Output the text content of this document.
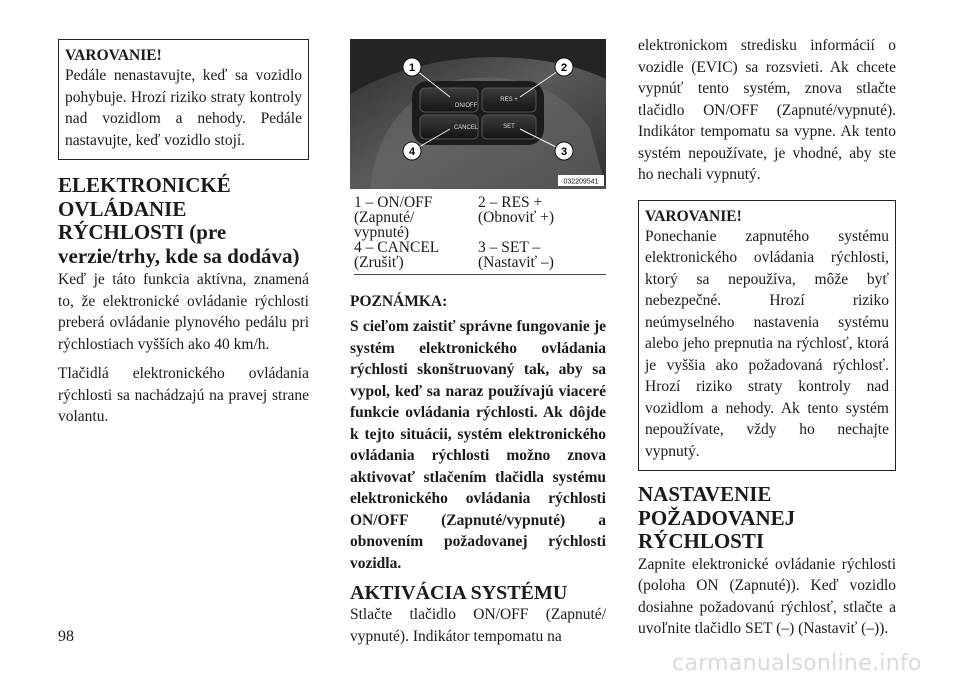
VAROVANIE!

Pedále nenastavujte, keď sa vozidlo pohybuje. Hrozí riziko straty kontroly nad vozidlom a nehody. Pedále nastavujte, keď vozidlo stojí.

ELEKTRONICKÉ
OVLÁDANIE
RÝCHLOSTI (pre
verzie/trhy, kde sa dodáva)

Keď je táto funkcia aktívna, znamená to, že elektronické ovládanie rýchlosti preberá ovládanie plynového pedálu pri rýchlostiach vyšších ako 40 km/h.

Tlačidlá elektronického ovládania rýchlosti sa nachádzajú na pravej strane volantu.

ON/OFF
RES +
CANCEL	SET
1	2
3
4
032209541
1 – ON/OFF
(Zapnuté/
vypnuté)
2 – RES +
(Obnoviť +)
4 – CANCEL
(Zrušiť)
3 – SET –
(Nastaviť –)
POZNÁMKA:

S cieľom zaistiť správne fungovanie je systém elektronického ovládania rýchlosti skonštruovaný tak, aby sa vypol, keď sa naraz používajú viaceré funkcie ovládania rýchlosti. Ak dôjde k tejto situácii, systém elektronického ovládania rýchlosti možno znova aktivovať stlačením tlačidla systému elektronického ovládania rýchlosti ON/OFF (Zapnuté/vypnuté) a obnovením požadovanej rýchlosti vozidla.

AKTIVÁCIA SYSTÉMU

Stlačte tlačidlo ON/OFF (Zapnuté/ vypnuté). Indikátor tempomatu na

elektronickom stredisku informácií o vozidle (EVIC) sa rozsvieti. Ak chcete vypnúť tento systém, znova stlačte tlačidlo ON/OFF (Zapnuté/vypnuté). Indikátor tempomatu sa vypne. Ak tento systém nepoužívate, je vhodné, aby ste ho nechali vypnutý.

VAROVANIE!

Ponechanie zapnutého systému elektronického ovládania rýchlosti, ktorý sa nepoužíva, môže byť nebezpečné. Hrozí riziko neúmyselného nastavenia systému alebo jeho prepnutia na rýchlosť, ktorá je vyššia ako požadovaná rýchlosť. Hrozí riziko straty kontroly nad vozidlom a nehody. Ak tento systém nepoužívate, vždy ho nechajte vypnutý.

NASTAVENIE
POŽADOVANEJ
RÝCHLOSTI

Zapnite elektronické ovládanie rýchlosti (poloha ON (Zapnuté)). Keď vozidlo dosiahne požadovanú rýchlosť, stlačte a uvoľnite tlačidlo SET (–) (Nastaviť (–)).

98
carmanualsonline.info
